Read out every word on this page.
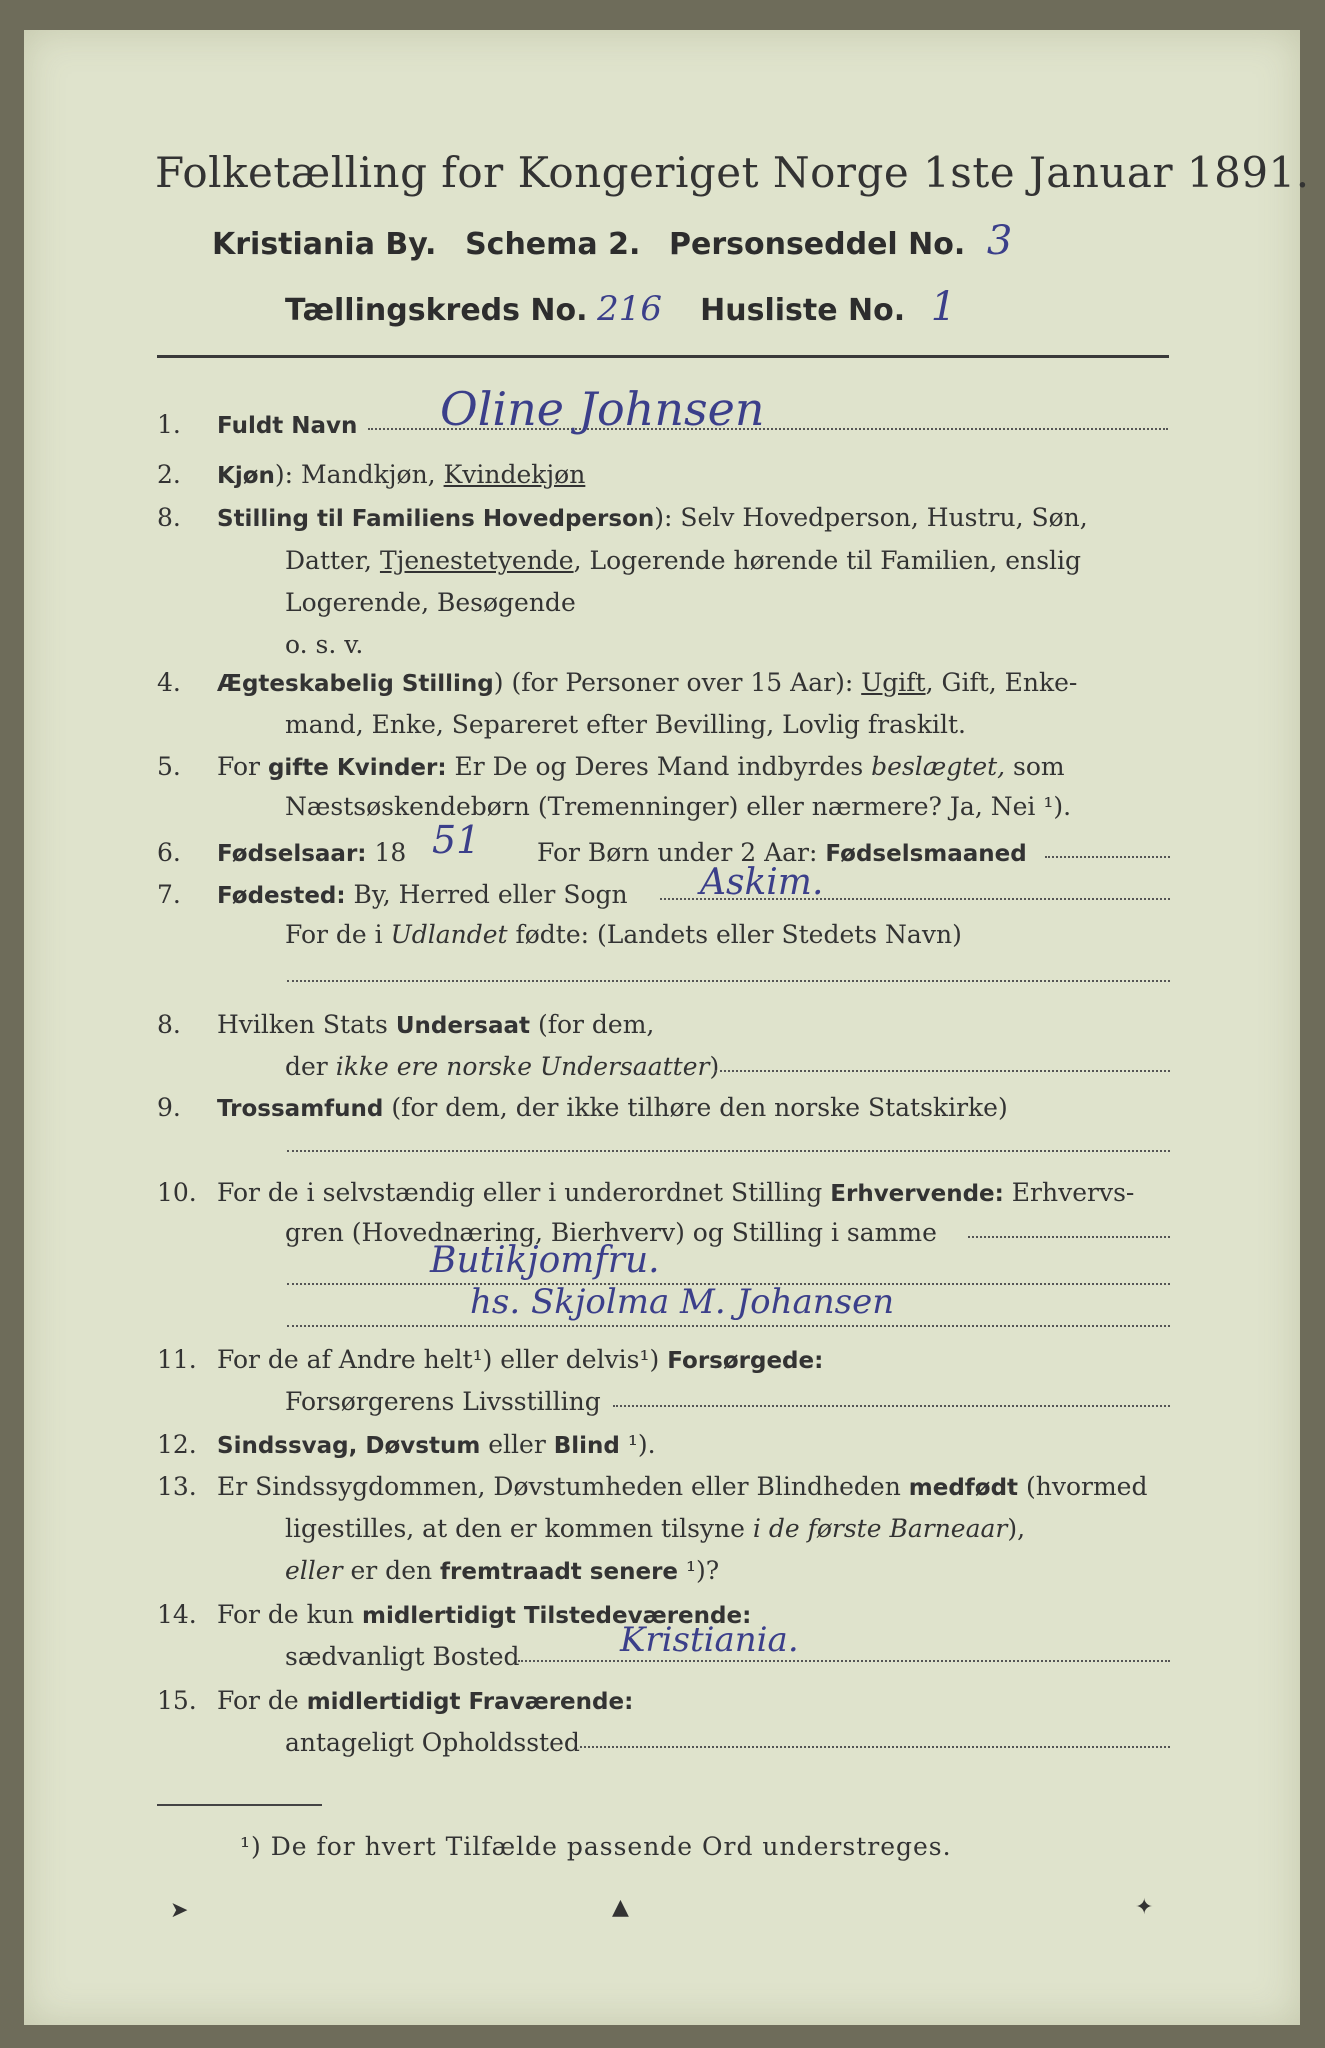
Folketælling for Kongeriget Norge 1ste Januar 1891.
Kristiania By. Schema 2. Personseddel No. 3
Tællingskreds No. 216 Husliste No. 1
1. Fuldt Navn	Oline Johnsen
2. Kjøn): Mandkjøn, Kvindekjøn
8. Stilling til Familiens Hovedperson): Selv Hovedperson, Hustru, Søn,
Datter, Tjenestetyende, Logerende hørende til Familien, enslig
Logerende, Besøgende
o. s. v.
4. Ægteskabelig Stilling) (for Personer over 15 Aar): Ugift, Gift, Enke-
mand, Enke, Separeret efter Bevilling, Lovlig fraskilt.
5. For gifte Kvinder: Er De og Deres Mand indbyrdes beslægtet, som
Næstsøskendebørn (Tremenninger) eller nærmere? Ja, Nei ¹).
6. Fødselsaar: 18 51 For Børn under 2 Aar: Fødselsmaaned
7. Fødested: By, Herred eller Sogn	Askim.
For de i Udlandet fødte: (Landets eller Stedets Navn)
8. Hvilken Stats Undersaat (for dem,
der ikke ere norske Undersaatter)
9. Trossamfund (for dem, der ikke tilhøre den norske Statskirke)
10. For de i selvstændig eller i underordnet Stilling Erhvervende: Erhvervs-
gren (Hovednæring, Bierhverv) og Stilling i samme
Butikjomfru.
hs. Skjolma M. Johansen
11. For de af Andre helt¹) eller delvis¹) Forsørgede:
Forsørgerens Livsstilling
12. Sindssvag, Døvstum eller Blind ¹).
13. Er Sindssygdommen, Døvstumheden eller Blindheden medfødt (hvormed
ligestilles, at den er kommen tilsyne i de første Barneaar),
eller er den fremtraadt senere ¹)?
14. For de kun midlertidigt Tilstedeværende:
sædvanligt Bosted	Kristiania.
15. For de midlertidigt Fraværende:
antageligt Opholdssted
¹) De for hvert Tilfælde passende Ord understreges.
➤	▲	✦
